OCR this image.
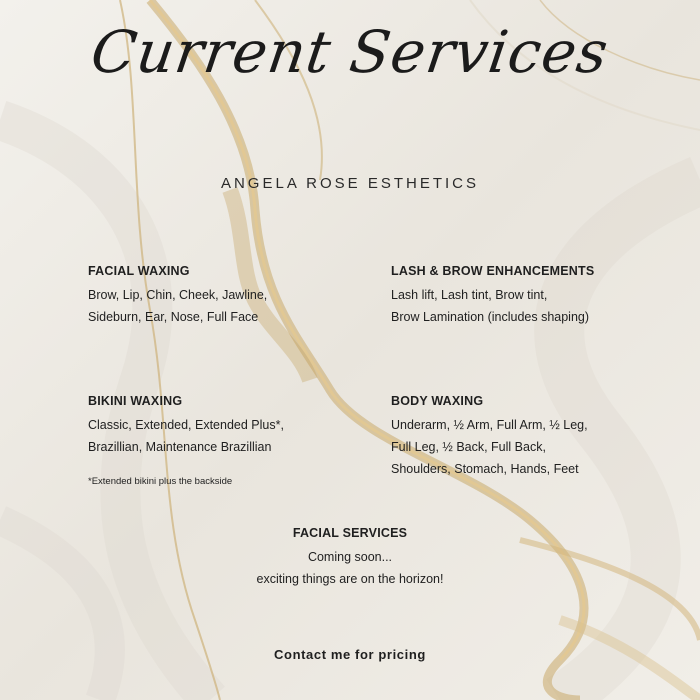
Current Services
ANGELA ROSE ESTHETICS
FACIAL WAXING
Brow, Lip, Chin, Cheek, Jawline,
Sideburn, Ear, Nose, Full Face
LASH & BROW ENHANCEMENTS
Lash lift, Lash tint, Brow tint,
Brow Lamination (includes shaping)
BIKINI WAXING
Classic, Extended, Extended Plus*,
Brazillian, Maintenance Brazillian
*Extended bikini plus the backside
BODY WAXING
Underarm, ½ Arm, Full Arm, ½ Leg,
Full Leg, ½ Back, Full Back,
Shoulders, Stomach, Hands, Feet
FACIAL SERVICES
Coming soon...
exciting things are on the horizon!
Contact me for pricing
